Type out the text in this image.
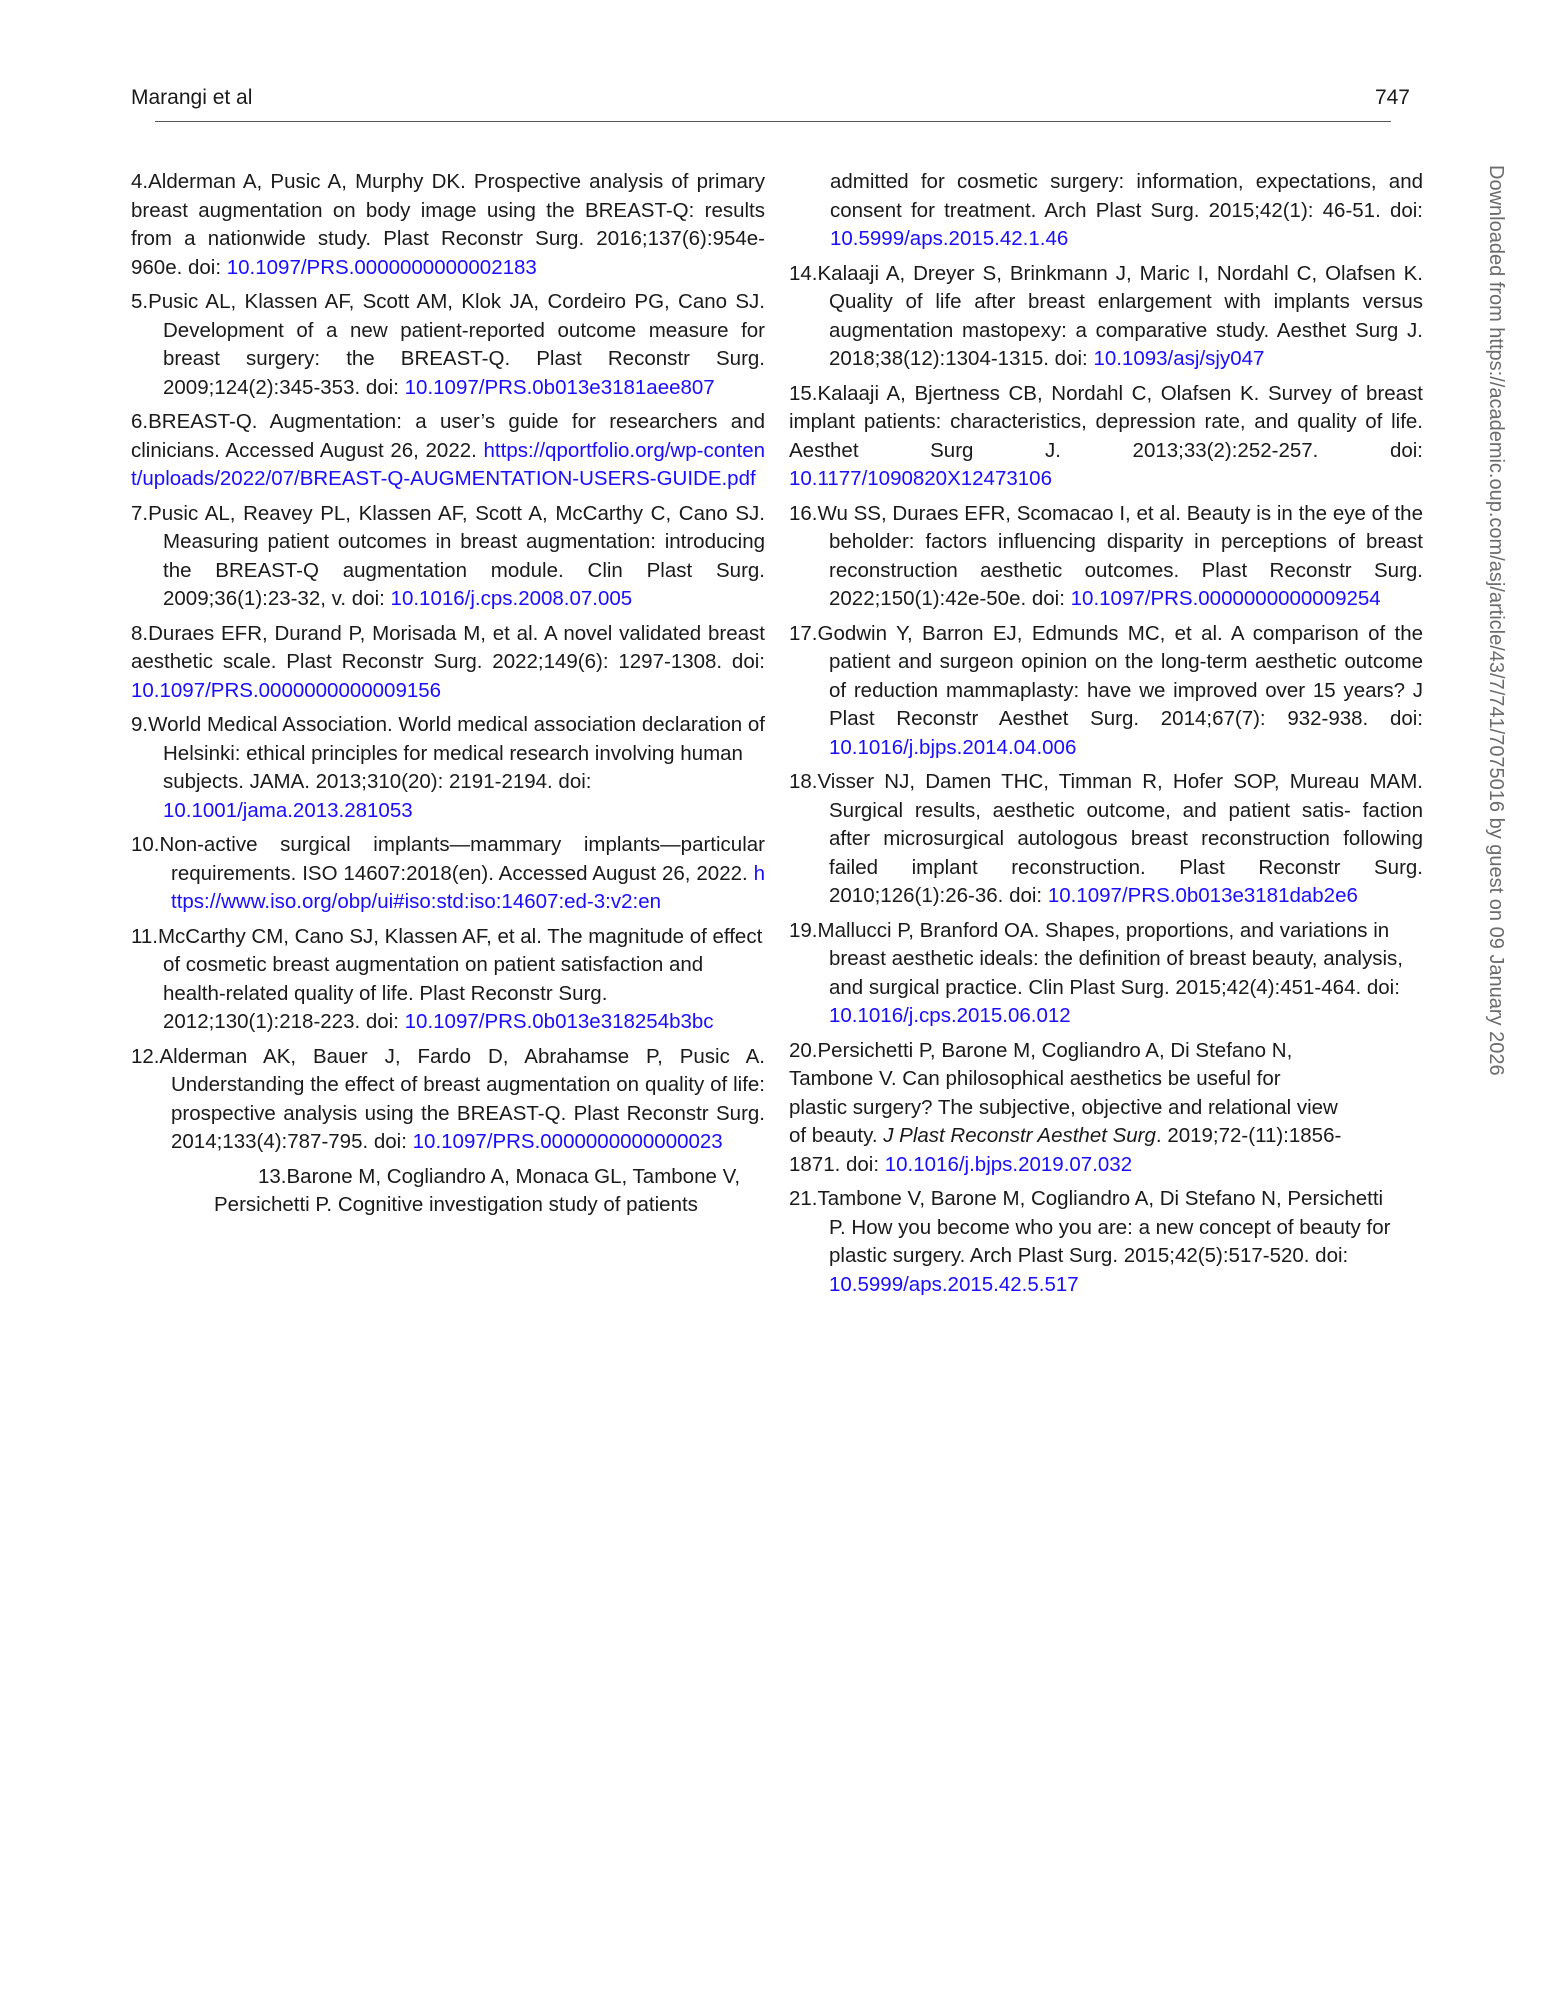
Marangi et al	747

4.Alderman A, Pusic A, Murphy DK. Prospective analysis of primary breast augmentation on body image using the BREAST-Q: results from a nationwide study. Plast Reconstr Surg. 2016;137(6):954e-960e. doi: 10.1097/PRS.0000000000002183

5.Pusic AL, Klassen AF, Scott AM, Klok JA, Cordeiro PG, Cano SJ. Development of a new patient-reported outcome measure for breast surgery: the BREAST-Q. Plast Reconstr Surg. 2009;124(2):345-353. doi: 10.1097/PRS.0b013e3181aee807

6.BREAST-Q. Augmentation: a user’s guide for researchers and clinicians. Accessed August 26, 2022. https://qportfolio.org/wp-content/uploads/2022/07/BREAST-Q-AUGMENTATION-USERS-GUIDE.pdf

7.Pusic AL, Reavey PL, Klassen AF, Scott A, McCarthy C, Cano SJ. Measuring patient outcomes in breast augmentation: introducing the BREAST-Q augmentation module. Clin Plast Surg. 2009;36(1):23-32, v. doi: 10.1016/j.cps.2008.07.005

8.Duraes EFR, Durand P, Morisada M, et al. A novel validated breast aesthetic scale. Plast Reconstr Surg. 2022;149(6): 1297-1308. doi: 10.1097/PRS.0000000000009156

9.World Medical Association. World medical association declaration of Helsinki: ethical principles for medical research involving human subjects. JAMA. 2013;310(20): 2191-2194. doi: 10.1001/jama.2013.281053

10.Non-active surgical implants—mammary implants—particular requirements. ISO 14607:2018(en). Accessed August 26, 2022. https://www.iso.org/obp/ui#iso:std:iso:14607:ed-3:v2:en

11.McCarthy CM, Cano SJ, Klassen AF, et al. The magnitude of effect of cosmetic breast augmentation on patient satisfaction and health-related quality of life. Plast Reconstr Surg. 2012;130(1):218-223. doi: 10.1097/PRS.0b013e318254b3bc

12.Alderman AK, Bauer J, Fardo D, Abrahamse P, Pusic A. Understanding the effect of breast augmentation on quality of life: prospective analysis using the BREAST-Q. Plast Reconstr Surg. 2014;133(4):787-795. doi: 10.1097/PRS.0000000000000023

13.Barone M, Cogliandro A, Monaca GL, Tambone V, Persichetti P. Cognitive investigation study of patients

admitted for cosmetic surgery: information, expectations, and consent for treatment. Arch Plast Surg. 2015;42(1): 46-51. doi: 10.5999/aps.2015.42.1.46

14.Kalaaji A, Dreyer S, Brinkmann J, Maric I, Nordahl C, Olafsen K. Quality of life after breast enlargement with implants versus augmentation mastopexy: a comparative study. Aesthet Surg J. 2018;38(12):1304-1315. doi: 10.1093/asj/sjy047

15.Kalaaji A, Bjertness CB, Nordahl C, Olafsen K. Survey of breast implant patients: characteristics, depression rate, and quality of life. Aesthet Surg J. 2013;33(2):252-257. doi: 10.1177/1090820X12473106

16.Wu SS, Duraes EFR, Scomacao I, et al. Beauty is in the eye of the beholder: factors influencing disparity in perceptions of breast reconstruction aesthetic outcomes. Plast Reconstr Surg. 2022;150(1):42e-50e. doi: 10.1097/PRS.0000000000009254

17.Godwin Y, Barron EJ, Edmunds MC, et al. A comparison of the patient and surgeon opinion on the long-term aesthetic outcome of reduction mammaplasty: have we improved over 15 years? J Plast Reconstr Aesthet Surg. 2014;67(7): 932-938. doi: 10.1016/j.bjps.2014.04.006

18.Visser NJ, Damen THC, Timman R, Hofer SOP, Mureau MAM. Surgical results, aesthetic outcome, and patient satis- faction after microsurgical autologous breast reconstruction following failed implant reconstruction. Plast Reconstr Surg. 2010;126(1):26-36. doi: 10.1097/PRS.0b013e3181dab2e6

19.Mallucci P, Branford OA. Shapes, proportions, and variations in breast aesthetic ideals: the definition of breast beauty, analysis, and surgical practice. Clin Plast Surg. 2015;42(4):451-464. doi: 10.1016/j.cps.2015.06.012

20.Persichetti P, Barone M, Cogliandro A, Di Stefano N, Tambone V. Can philosophical aesthetics be useful for plastic surgery? The subjective, objective and relational view of beauty. J Plast Reconstr Aesthet Surg. 2019;72-(11):1856-1871. doi: 10.1016/j.bjps.2019.07.032

21.Tambone V, Barone M, Cogliandro A, Di Stefano N, Persichetti P. How you become who you are: a new concept of beauty for plastic surgery. Arch Plast Surg. 2015;42(5):517-520. doi: 10.5999/aps.2015.42.5.517

Downloaded from https://academic.oup.com/asj/article/43/7/741/7075016 by guest on 09 January 2026
